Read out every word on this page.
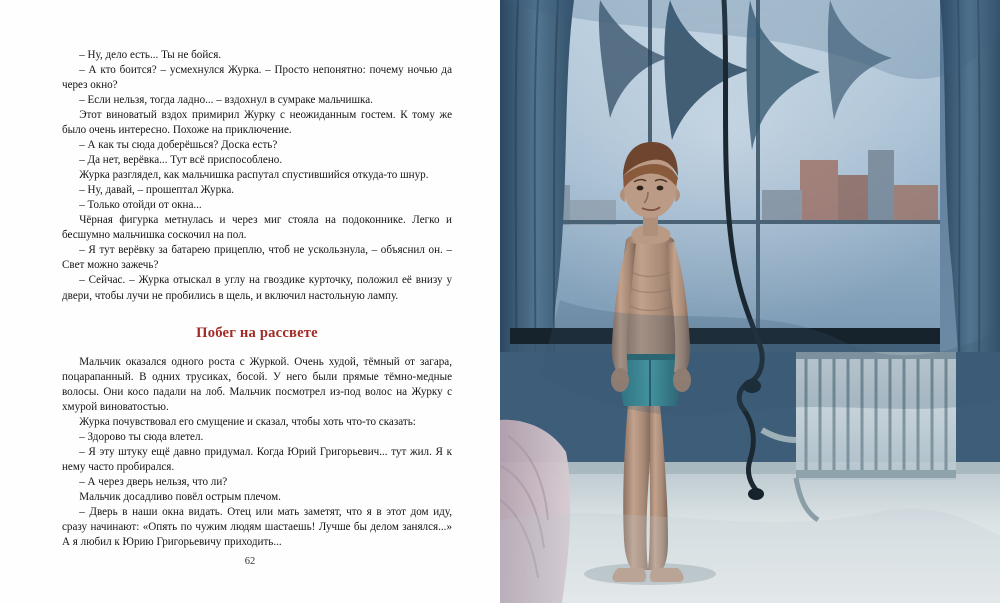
– Ну, дело есть... Ты не бойся.

– А кто боится? – усмехнулся Журка. – Просто непонятно: почему ночью да через окно?

– Если нельзя, тогда ладно... – вздохнул в сумраке мальчишка.

Этот виноватый вздох примирил Журку с неожиданным гостем. К тому же было очень интересно. Похоже на приключение.

– А как ты сюда доберёшься? Доска есть?

– Да нет, верёвка... Тут всё приспособлено.

Журка разглядел, как мальчишка распутал спустившийся откуда-то шнур.

– Ну, давай, – прошептал Журка.

– Только отойди от окна...

Чёрная фигурка метнулась и через миг стояла на подоконнике. Легко и бесшумно мальчишка соскочил на пол.

– Я тут верёвку за батарею прицеплю, чтоб не ускользнула, – объяснил он. – Свет можно зажечь?

– Сейчас. – Журка отыскал в углу на гвоздике курточку, положил её внизу у двери, чтобы лучи не пробились в щель, и включил настольную лампу.

Побег на рассвете

Мальчик оказался одного роста с Журкой. Очень худой, тёмный от загара, поцарапанный. В одних трусиках, босой. У него были прямые тёмно-медные волосы. Они косо падали на лоб. Мальчик посмотрел из-под волос на Журку с хмурой виноватостью.

Журка почувствовал его смущение и сказал, чтобы хоть что-то сказать:

– Здорово ты сюда влетел.

– Я эту штуку ещё давно придумал. Когда Юрий Григорьевич... тут жил. Я к нему часто пробирался.

– А через дверь нельзя, что ли?

Мальчик досадливо повёл острым плечом.

– Дверь в наши окна видать. Отец или мать заметят, что я в этот дом иду, сразу начинают: «Опять по чужим людям шастаешь! Лучше бы делом занялся...» А я любил к Юрию Григорьевичу приходить...

62
